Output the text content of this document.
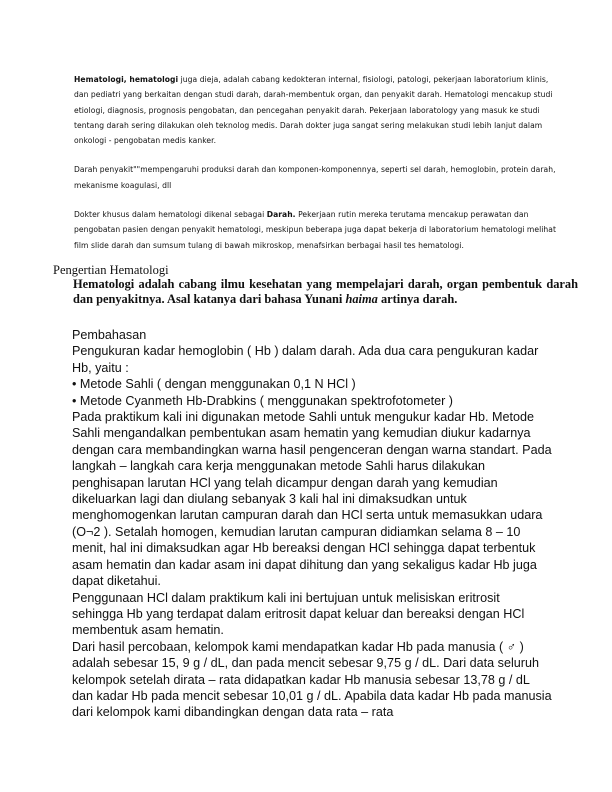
Hematologi, hematologi juga dieja, adalah cabang kedokteran internal, fisiologi, patologi, pekerjaan laboratorium klinis, dan pediatri yang berkaitan dengan studi darah, darah-membentuk organ, dan penyakit darah. Hematologi mencakup studi etiologi, diagnosis, prognosis pengobatan, dan pencegahan penyakit darah. Pekerjaan laboratology yang masuk ke studi tentang darah sering dilakukan oleh teknolog medis. Darah dokter juga sangat sering melakukan studi lebih lanjut dalam onkologi - pengobatan medis kanker.

Darah penyakit""mempengaruhi produksi darah dan komponen-komponennya, seperti sel darah, hemoglobin, protein darah, mekanisme koagulasi, dll

Dokter khusus dalam hematologi dikenal sebagai Darah. Pekerjaan rutin mereka terutama mencakup perawatan dan pengobatan pasien dengan penyakit hematologi, meskipun beberapa juga dapat bekerja di laboratorium hematologi melihat film slide darah dan sumsum tulang di bawah mikroskop, menafsirkan berbagai hasil tes hematologi.

Pengertian Hematologi
Hematologi adalah cabang ilmu kesehatan yang mempelajari darah, organ pembentuk darah dan penyakitnya. Asal katanya dari bahasa Yunani haima artinya darah.

Pembahasan

Pengukuran kadar hemoglobin ( Hb ) dalam darah. Ada dua cara pengukuran kadar Hb, yaitu :

• Metode Sahli ( dengan menggunakan 0,1 N HCl )

• Metode Cyanmeth Hb-Drabkins ( menggunakan spektrofotometer )

Pada praktikum kali ini digunakan metode Sahli untuk mengukur kadar Hb. Metode Sahli mengandalkan pembentukan asam hematin yang kemudian diukur kadarnya dengan cara membandingkan warna hasil pengenceran dengan warna standart. Pada langkah – langkah cara kerja menggunakan metode Sahli harus dilakukan penghisapan larutan HCl yang telah dicampur dengan darah yang kemudian dikeluarkan lagi dan diulang sebanyak 3 kali hal ini dimaksudkan untuk menghomogenkan larutan campuran darah dan HCl serta untuk memasukkan udara (O¬2 ). Setalah homogen, kemudian larutan campuran didiamkan selama 8 – 10 menit, hal ini dimaksudkan agar Hb bereaksi dengan HCl sehingga dapat terbentuk asam hematin dan kadar asam ini dapat dihitung dan yang sekaligus kadar Hb juga dapat diketahui.

Penggunaan HCl dalam praktikum kali ini bertujuan untuk melisiskan eritrosit sehingga Hb yang terdapat dalam eritrosit dapat keluar dan bereaksi dengan HCl membentuk asam hematin.

Dari hasil percobaan, kelompok kami mendapatkan kadar Hb pada manusia ( ♂ ) adalah sebesar 15, 9 g / dL, dan pada mencit sebesar 9,75 g / dL. Dari data seluruh kelompok setelah dirata – rata didapatkan kadar Hb manusia sebesar 13,78 g / dL dan kadar Hb pada mencit sebesar 10,01 g / dL. Apabila data kadar Hb pada manusia dari kelompok kami dibandingkan dengan data rata – rata
